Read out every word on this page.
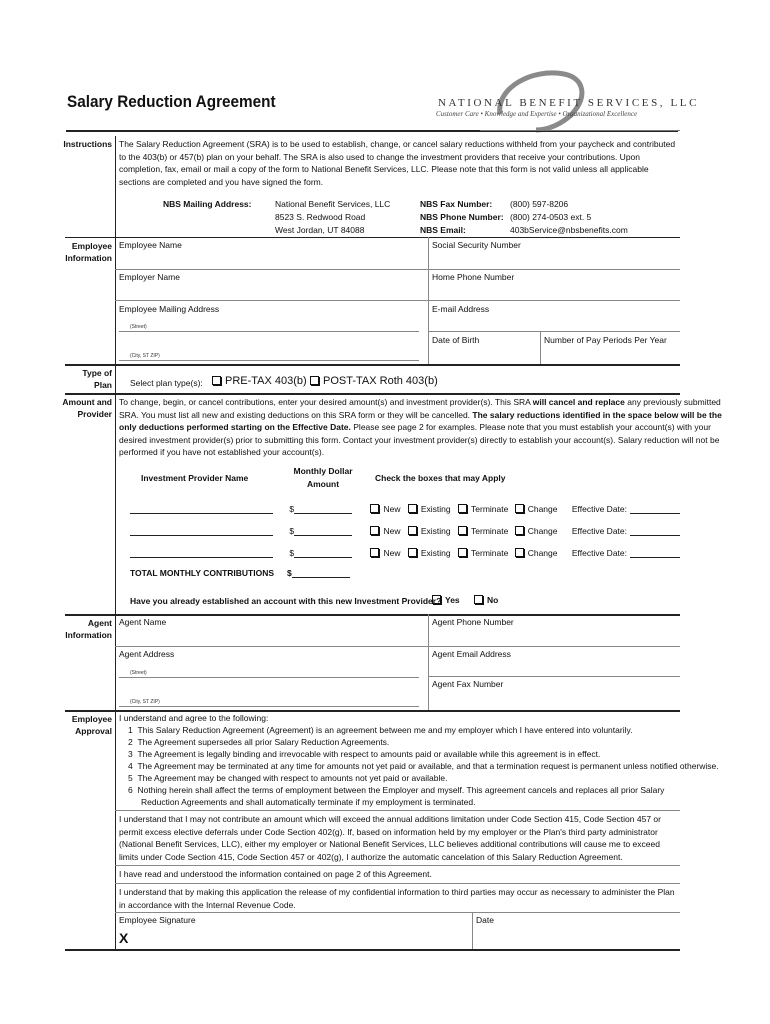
Salary Reduction Agreement	NATIONAL BENEFIT SERVICES, LLC
Customer Care • Knowledge and Expertise • Organizational Excellence
Instructions The Salary Reduction Agreement (SRA) is to be used to establish, change, or cancel salary reductions withheld from your paycheck and contributed to the 403(b) or 457(b) plan on your behalf. The SRA is also used to change the investment providers that receive your contributions. Upon completion, fax, email or mail a copy of the form to National Benefit Services, LLC. Please note that this form is not valid unless all applicable sections are completed and you have signed the form.
NBS Mailing Address:	National Benefit Services, LLC
8523 S. Redwood Road
West Jordan, UT 84088
NBS Fax Number: (800) 597-8206
NBS Phone Number: (800) 274-0503 ext. 5
NBS Email:	403bService@nbsbenefits.com
Employee
Information
Employee Name	Social Security Number
Employer Name	Home Phone Number
Employee Mailing Address	E-mail Address
(Street)
Date of Birth	Number of Pay Periods Per Year
(City, ST ZIP)
Type of
Plan Select plan type(s):	PRE-TAX 403(b)	POST-TAX Roth 403(b)
Amount and
Provider
To change, begin, or cancel contributions, enter your desired amount(s) and investment provider(s). This SRA will cancel and replace any previously submitted
SRA. You must list all new and existing deductions on this SRA form or they will be cancelled. The salary reductions identified in the space below will be the
only deductions performed starting on the Effective Date. Please see page 2 for examples. Please note that you must establish your account(s) with your
desired investment provider(s) prior to submitting this form. Contact your investment provider(s) directly to establish your account(s). Salary reduction will not be
performed if you have not established your account(s).
Investment Provider Name
Monthly Dollar
Amount
Check the boxes that may Apply
$	New Existing Terminate Change Effective Date:
$	New Existing Terminate Change Effective Date:
$	New Existing Terminate Change Effective Date:
TOTAL MONTHLY CONTRIBUTIONS $
Have you already established an account with this new Investment Provider? Yes	No
Agent
Information
Agent Name	Agent Phone Number
Agent Address	Agent Email Address
(Street)
Agent Fax Number
(City, ST ZIP)
Employee
Approval
I understand and agree to the following:
1 This Salary Reduction Agreement (Agreement) is an agreement between me and my employer which I have entered into voluntarily.
2 The Agreement supersedes all prior Salary Reduction Agreements.
3 The Agreement is legally binding and irrevocable with respect to amounts paid or available while this agreement is in effect.
4 The Agreement may be terminated at any time for amounts not yet paid or available, and that a termination request is permanent unless notified otherwise.
5 The Agreement may be changed with respect to amounts not yet paid or available.
6 Nothing herein shall affect the terms of employment between the Employer and myself. This agreement cancels and replaces all prior Salary
Reduction Agreements and shall automatically terminate if my employment is terminated.
I understand that I may not contribute an amount which will exceed the annual additions limitation under Code Section 415, Code Section 457 or permit excess elective deferrals under Code Section 402(g). If, based on information held by my employer or the Plan's third party administrator (National Benefit Services, LLC), either my employer or National Benefit Services, LLC believes additional contributions will cause me to exceed limits under Code Section 415, Code Section 457 or 402(g), I authorize the automatic cancelation of this Salary Reduction Agreement.
I have read and understood the information contained on page 2 of this Agreement.
I understand that by making this application the release of my confidential information to third parties may occur as necessary to administer the Plan in accordance with the Internal Revenue Code.
Employee Signature
X
Date
